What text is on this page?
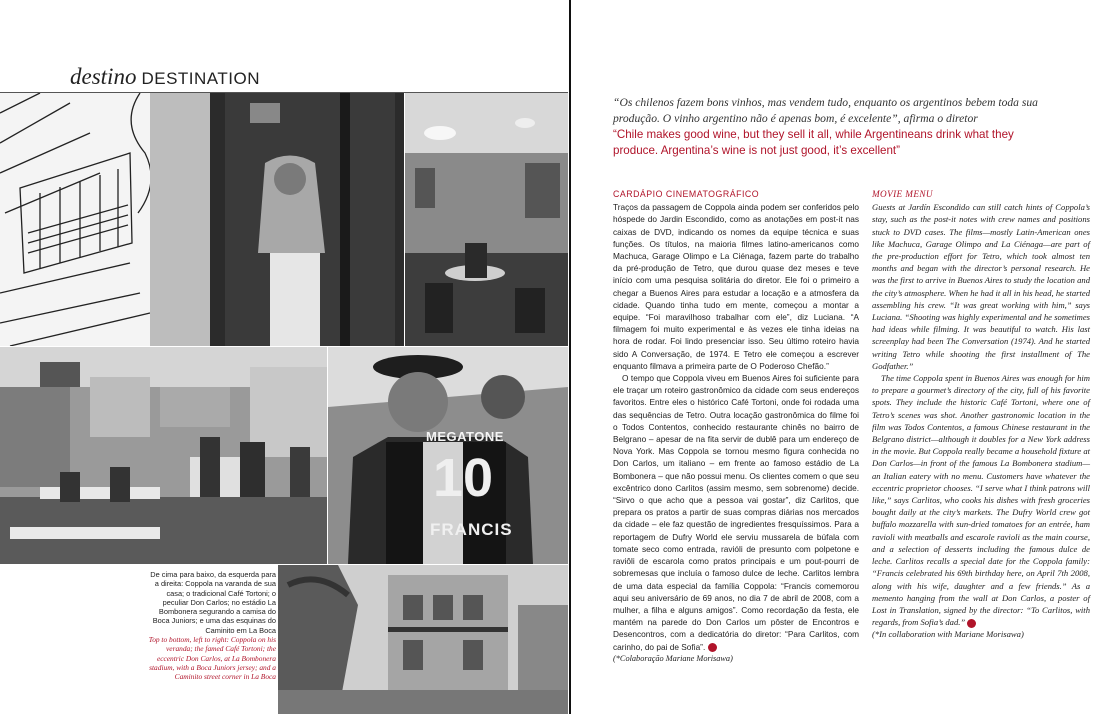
destino DESTINATION
MEGATONE
10
FRANCIS
De cima para baixo, da esquerda para a direita: Coppola na varanda de sua casa; o tradicional Café Tortoni; o peculiar Don Carlos; no estádio La Bombonera segurando a camisa do Boca Juniors; e uma das esquinas do Caminito em La Boca
Top to bottom, left to right: Coppola on his veranda; the famed Café Tortoni; the eccentric Don Carlos, at La Bombonera stadium, with a Boca Juniors jersey; and a Caminito street corner in La Boca
“Os chilenos fazem bons vinhos, mas vendem tudo, enquanto os argentinos bebem toda sua produção. O vinho argentino não é apenas bom, é excelente”, afirma o diretor
“Chile makes good wine, but they sell it all, while Argentineans drink what they produce. Argentina’s wine is not just good, it’s excellent”
CARDÁPIO CINEMATOGRÁFICO

Traços da passagem de Coppola ainda podem ser conferidos pelo hóspede do Jardin Escondido, como as anotações em post-it nas caixas de DVD, indicando os nomes da equipe técnica e suas funções. Os títulos, na maioria filmes latino-americanos como Machuca, Garage Olimpo e La Ciénaga, fazem parte do trabalho da pré-produção de Tetro, que durou quase dez meses e teve início com uma pesquisa solitária do diretor. Ele foi o primeiro a chegar a Buenos Aires para estudar a locação e a atmosfera da cidade. Quando tinha tudo em mente, começou a montar a equipe. “Foi maravilhoso trabalhar com ele”, diz Luciana. “A filmagem foi muito experimental e às vezes ele tinha ideias na hora de rodar. Foi lindo presenciar isso. Seu último roteiro havia sido A Conversação, de 1974. E Tetro ele começou a escrever enquanto filmava a primeira parte de O Poderoso Chefão.”

O tempo que Coppola viveu em Buenos Aires foi suficiente para ele traçar um roteiro gastronômico da cidade com seus endereços favoritos. Entre eles o histórico Café Tortoni, onde foi rodada uma das sequências de Tetro. Outra locação gastronômica do filme foi o Todos Contentos, conhecido restaurante chinês no bairro de Belgrano – apesar de na fita servir de dublê para um endereço de Nova York. Mas Coppola se tornou mesmo figura conhecida no Don Carlos, um italiano – em frente ao famoso estádio de La Bombonera – que não possui menu. Os clientes comem o que seu excêntrico dono Carlitos (assim mesmo, sem sobrenome) decide. “Sirvo o que acho que a pessoa vai gostar”, diz Carlitos, que prepara os pratos a partir de suas compras diárias nos mercados da cidade – ele faz questão de ingredientes fresquíssimos. Para a reportagem de Dufry World ele serviu mussarela de búfala com tomate seco como entrada, ravióli de presunto com polpetone e raviôli de escarola como pratos principais e um pout-pourri de sobremesas que incluía o famoso dulce de leche. Carlitos lembra de uma data especial da família Coppola: “Francis comemorou aqui seu aniversário de 69 anos, no dia 7 de abril de 2008, com a mulher, a filha e alguns amigos”. Como recordação da festa, ele mantém na parede do Don Carlos um pôster de Encontros e Desencontros, com a dedicatória do diretor: “Para Carlitos, com carinho, do pai de Sofia”. D

(*Colaboração Mariane Morisawa)

MOVIE MENU

Guests at Jardín Escondido can still catch hints of Coppola’s stay, such as the post-it notes with crew names and positions stuck to DVD cases. The films—mostly Latin-American ones like Machuca, Garage Olimpo and La Ciénaga—are part of the pre-production effort for Tetro, which took almost ten months and began with the director’s personal research. He was the first to arrive in Buenos Aires to study the location and the city’s atmosphere. When he had it all in his head, he started assembling his crew. “It was great working with him,” says Luciana. “Shooting was highly experimental and he sometimes had ideas while filming. It was beautiful to watch. His last screenplay had been The Conversation (1974). And he started writing Tetro while shooting the first installment of The Godfather.”

The time Coppola spent in Buenos Aires was enough for him to prepare a gourmet’s directory of the city, full of his favorite spots. They include the historic Café Tortoni, where one of Tetro’s scenes was shot. Another gastronomic location in the film was Todos Contentos, a famous Chinese restaurant in the Belgrano district—although it doubles for a New York address in the movie. But Coppola really became a household fixture at Don Carlos—in front of the famous La Bombonera stadium—an Italian eatery with no menu. Customers have whatever the eccentric proprietor chooses. “I serve what I think patrons will like,” says Carlitos, who cooks his dishes with fresh groceries bought daily at the city’s markets. The Dufry World crew got buffalo mozzarella with sun-dried tomatoes for an entrée, ham ravioli with meatballs and escarole ravioli as the main course, and a selection of desserts including the famous dulce de leche. Carlitos recalls a special date for the Coppola family: “Francis celebrated his 69th birthday here, on April 7th 2008, along with his wife, daughter and a few friends.” As a memento hanging from the wall at Don Carlos, a poster of Lost in Translation, signed by the director: “To Carlitos, with regards, from Sofia’s dad.” D

(*In collaboration with Mariane Morisawa)
